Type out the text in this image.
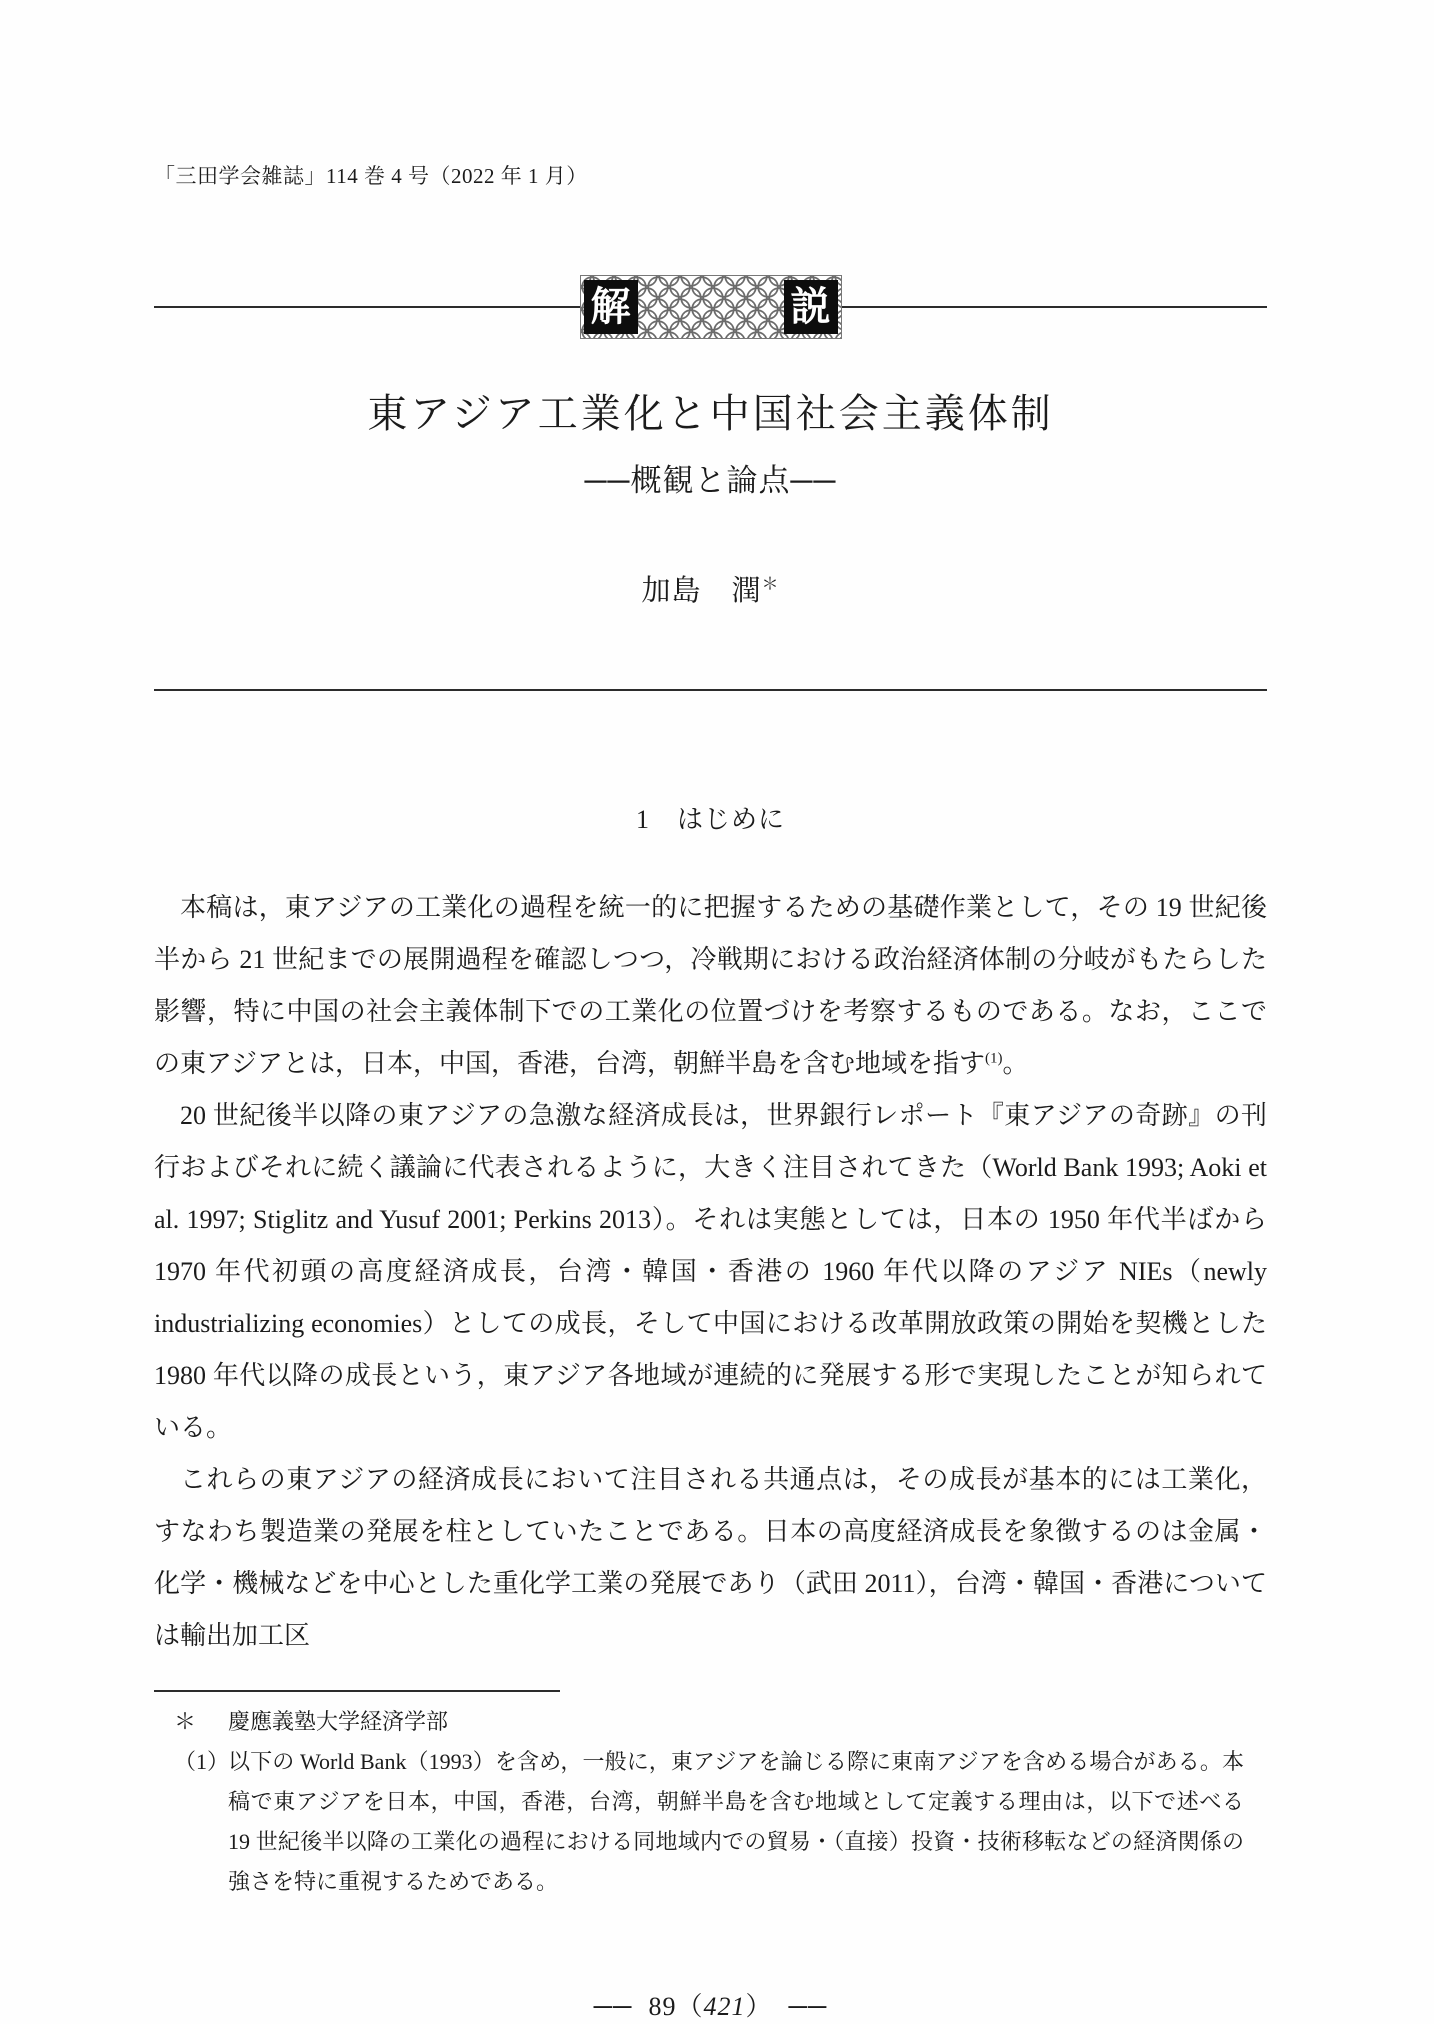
「三田学会雑誌」114 巻 4 号（2022 年 1 月）
解	説
東アジア工業化と中国社会主義体制
──概観と論点──
加島　潤＊
1　はじめに

本稿は，東アジアの工業化の過程を統一的に把握するための基礎作業として，その 19 世紀後半から 21 世紀までの展開過程を確認しつつ，冷戦期における政治経済体制の分岐がもたらした影響，特に中国の社会主義体制下での工業化の位置づけを考察するものである。なお，ここでの東アジアとは，日本，中国，香港，台湾，朝鮮半島を含む地域を指す$^{(1)}$。

20 世紀後半以降の東アジアの急激な経済成長は，世界銀行レポート『東アジアの奇跡』の刊行およびそれに続く議論に代表されるように，大きく注目されてきた（World Bank 1993; Aoki et al. 1997; Stiglitz and Yusuf 2001; Perkins 2013）。それは実態としては，日本の 1950 年代半ばから 1970 年代初頭の高度経済成長，台湾・韓国・香港の 1960 年代以降のアジア NIEs（newly industrializing economies）としての成長，そして中国における改革開放政策の開始を契機とした 1980 年代以降の成長という，東アジア各地域が連続的に発展する形で実現したことが知られている。

これらの東アジアの経済成長において注目される共通点は，その成長が基本的には工業化，すなわち製造業の発展を柱としていたことである。日本の高度経済成長を象徴するのは金属・化学・機械などを中心とした重化学工業の発展であり（武田 2011），台湾・韓国・香港については輸出加工区

＊	慶應義塾大学経済学部
（1）
以下の World Bank（1993）を含め，一般に，東アジアを論じる際に東南アジアを含める場合がある。本稿で東アジアを日本，中国，香港，台湾，朝鮮半島を含む地域として定義する理由は，以下で述べる 19 世紀後半以降の工業化の過程における同地域内での貿易・（直接）投資・技術移転などの経済関係の強さを特に重視するためである。
── 89（421） ──
